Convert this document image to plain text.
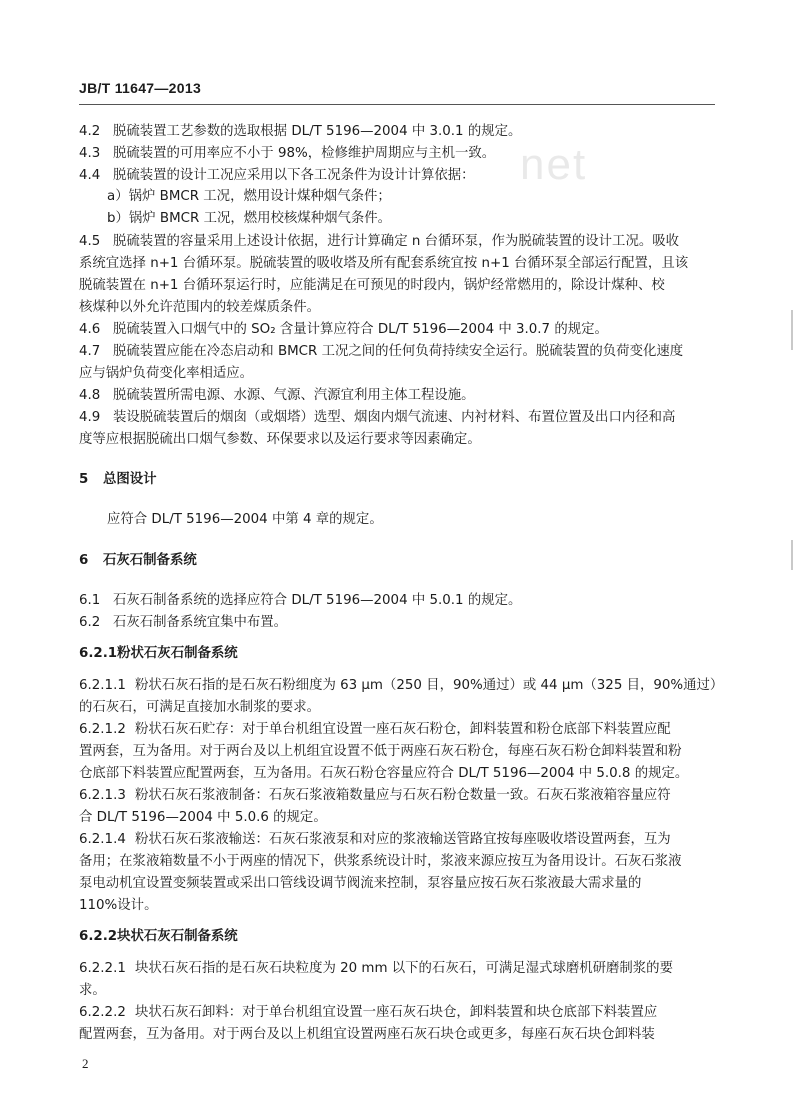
JB/T 11647—2013
net
4.2 脱硫装置工艺参数的选取根据 DL/T 5196—2004 中 3.0.1 的规定。
4.3 脱硫装置的可用率应不小于 98%，检修维护周期应与主机一致。
4.4 脱硫装置的设计工况应采用以下各工况条件为设计计算依据：
a）锅炉 BMCR 工况，燃用设计煤种烟气条件；
b）锅炉 BMCR 工况，燃用校核煤种烟气条件。
4.5 脱硫装置的容量采用上述设计依据，进行计算确定 n 台循环泵，作为脱硫装置的设计工况。吸收
系统宜选择 n+1 台循环泵。脱硫装置的吸收塔及所有配套系统宜按 n+1 台循环泵全部运行配置，且该
脱硫装置在 n+1 台循环泵运行时，应能满足在可预见的时段内，锅炉经常燃用的，除设计煤种、校
核煤种以外允许范围内的较差煤质条件。
4.6 脱硫装置入口烟气中的 SO₂ 含量计算应符合 DL/T 5196—2004 中 3.0.7 的规定。
4.7 脱硫装置应能在冷态启动和 BMCR 工况之间的任何负荷持续安全运行。脱硫装置的负荷变化速度
应与锅炉负荷变化率相适应。
4.8 脱硫装置所需电源、水源、气源、汽源宜利用主体工程设施。
4.9 装设脱硫装置后的烟囱（或烟塔）选型、烟囱内烟气流速、内衬材料、布置位置及出口内径和高
度等应根据脱硫出口烟气参数、环保要求以及运行要求等因素确定。
5 总图设计
应符合 DL/T 5196—2004 中第 4 章的规定。
6 石灰石制备系统
6.1 石灰石制备系统的选择应符合 DL/T 5196—2004 中 5.0.1 的规定。
6.2 石灰石制备系统宜集中布置。
6.2.1粉状石灰石制备系统
6.2.1.1 粉状石灰石指的是石灰石粉细度为 63 μm（250 目，90%通过）或 44 μm（325 目，90%通过）
的石灰石，可满足直接加水制浆的要求。
6.2.1.2 粉状石灰石贮存：对于单台机组宜设置一座石灰石粉仓，卸料装置和粉仓底部下料装置应配
置两套，互为备用。对于两台及以上机组宜设置不低于两座石灰石粉仓，每座石灰石粉仓卸料装置和粉
仓底部下料装置应配置两套，互为备用。石灰石粉仓容量应符合 DL/T 5196—2004 中 5.0.8 的规定。
6.2.1.3 粉状石灰石浆液制备：石灰石浆液箱数量应与石灰石粉仓数量一致。石灰石浆液箱容量应符
合 DL/T 5196—2004 中 5.0.6 的规定。
6.2.1.4 粉状石灰石浆液输送：石灰石浆液泵和对应的浆液输送管路宜按每座吸收塔设置两套，互为
备用；在浆液箱数量不小于两座的情况下，供浆系统设计时，浆液来源应按互为备用设计。石灰石浆液
泵电动机宜设置变频装置或采出口管线设调节阀流来控制，泵容量应按石灰石浆液最大需求量的
110%设计。
6.2.2块状石灰石制备系统
6.2.2.1 块状石灰石指的是石灰石块粒度为 20 mm 以下的石灰石，可满足湿式球磨机研磨制浆的要
求。
6.2.2.2 块状石灰石卸料：对于单台机组宜设置一座石灰石块仓，卸料装置和块仓底部下料装置应
配置两套，互为备用。对于两台及以上机组宜设置两座石灰石块仓或更多，每座石灰石块仓卸料装
2
